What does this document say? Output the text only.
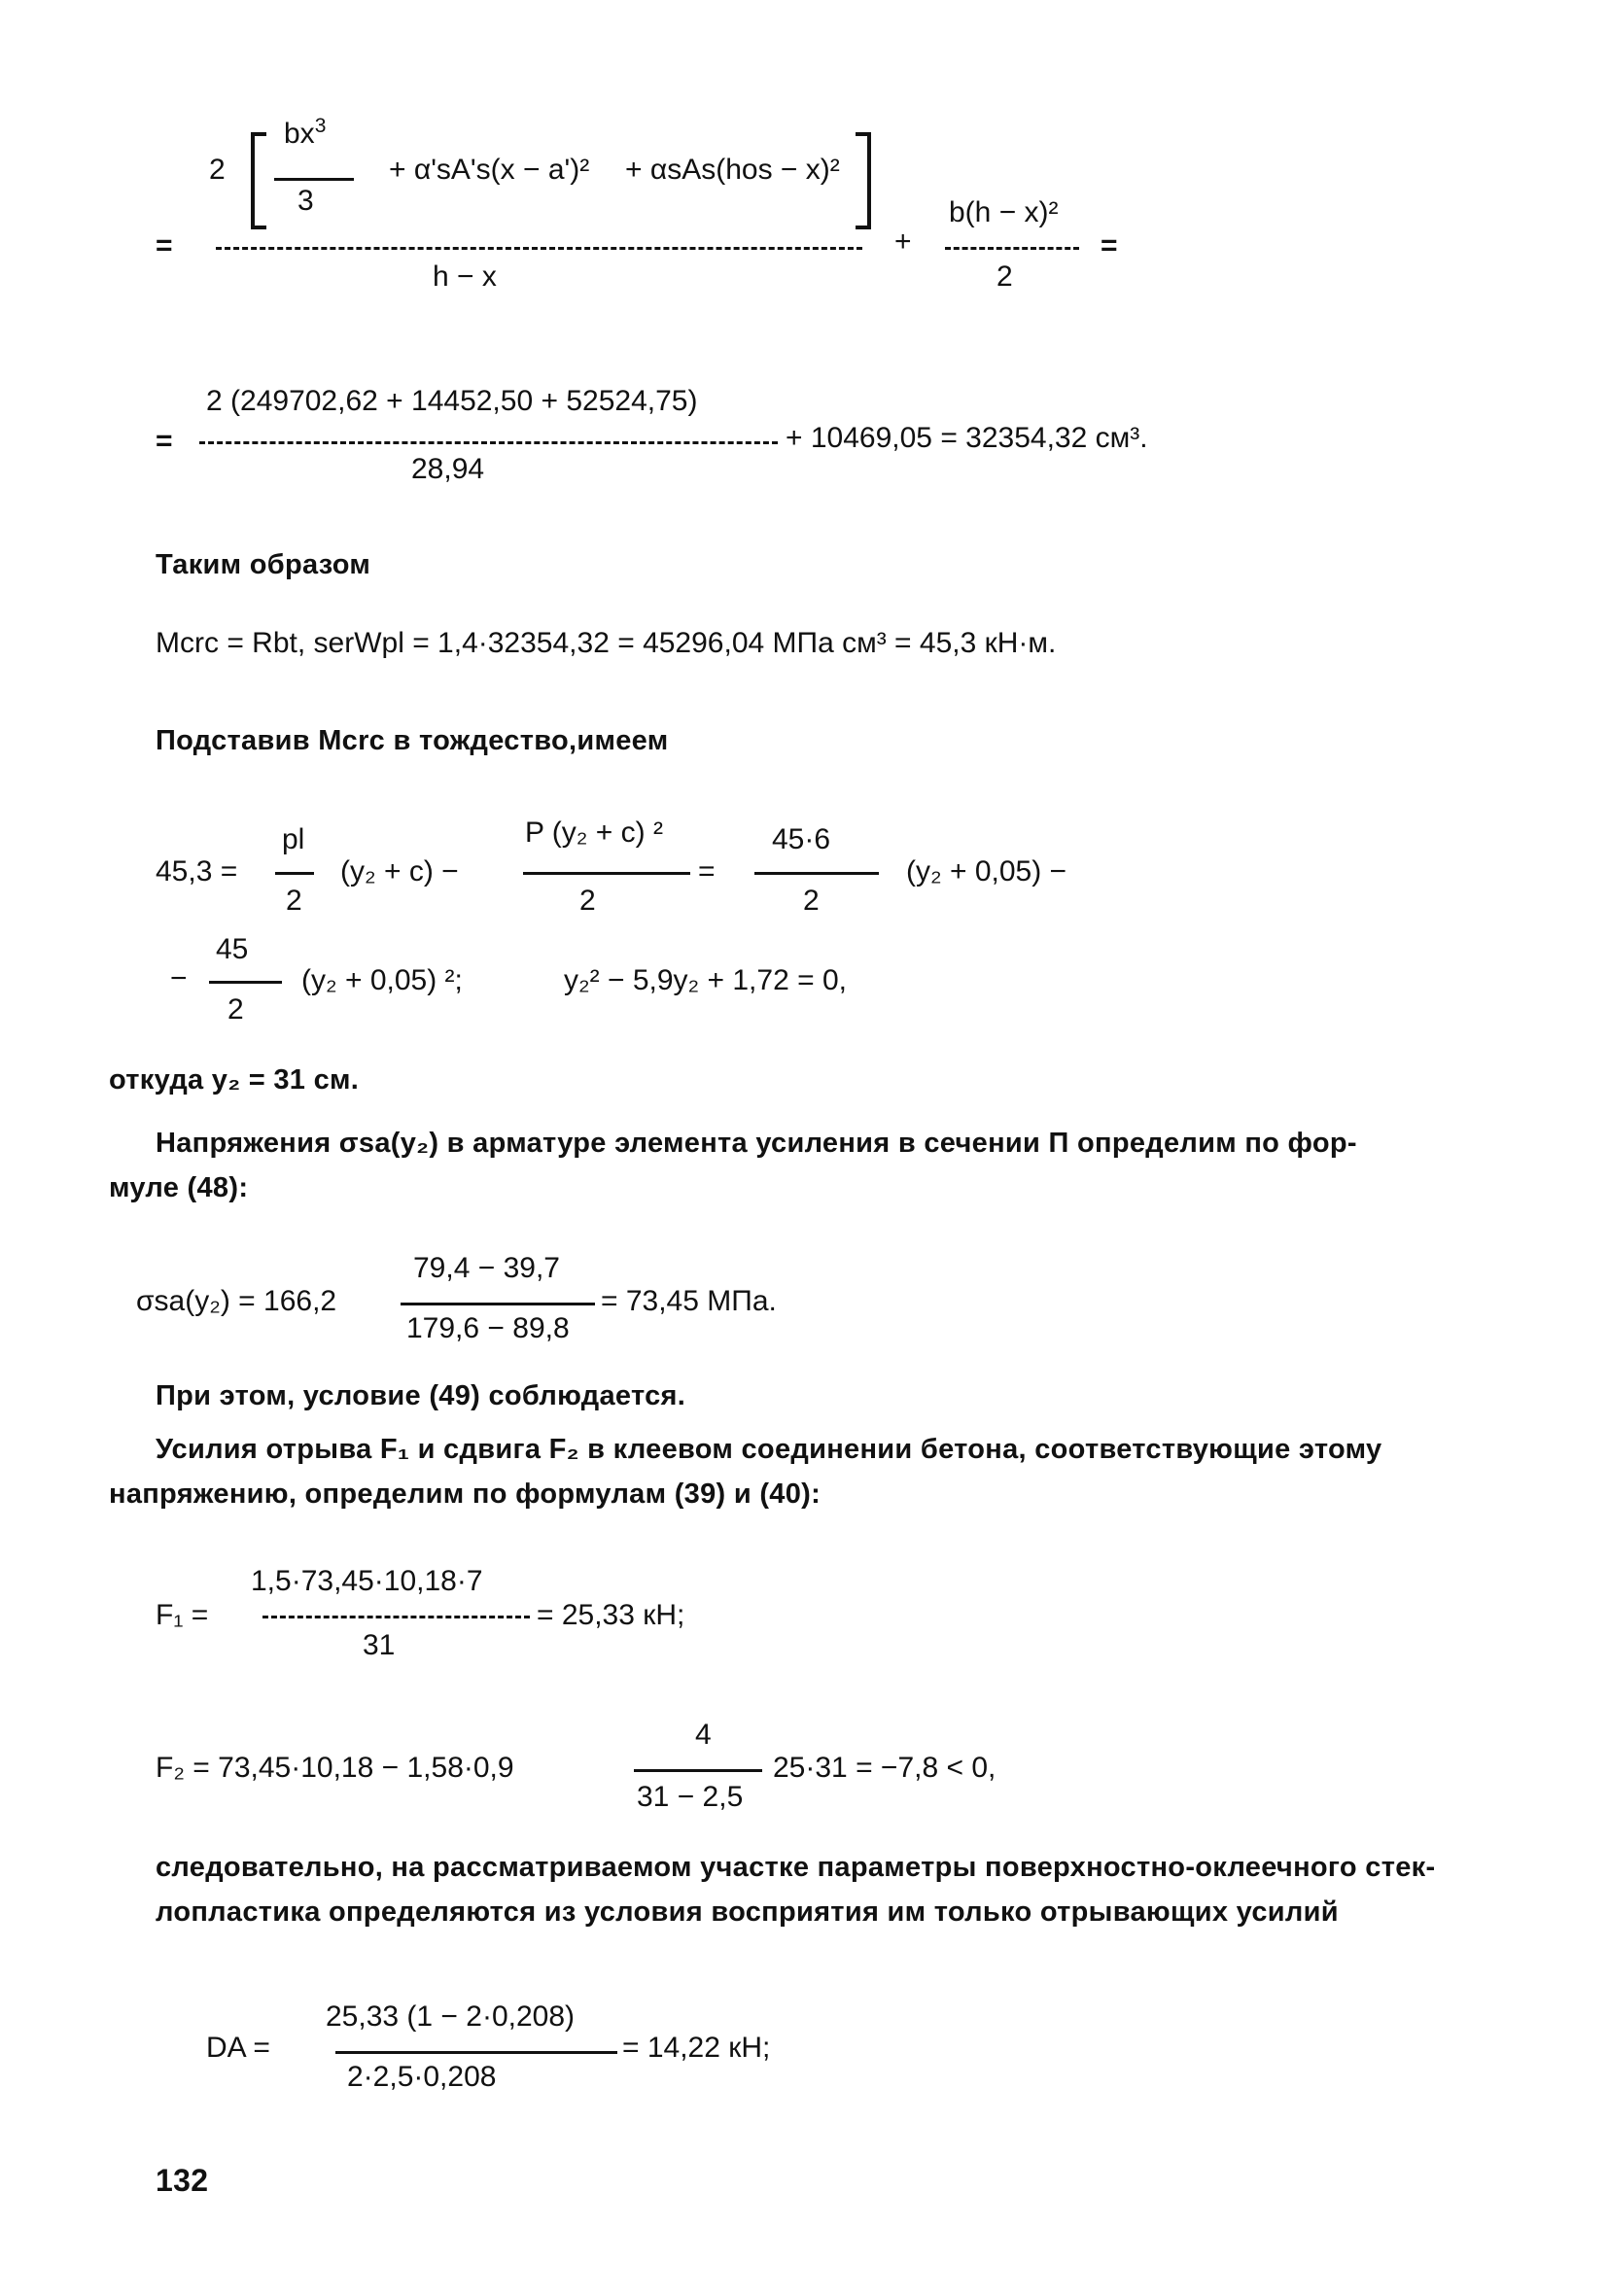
2
$bx^3$
3
+ αʹsAʹs(x − aʹ)² + αsAs(hos − x)²
=
h − x
+
b(h − x)²
2
=
=
2 (249702,62 + 14452,50 + 52524,75)
28,94
+ 10469,05 = 32354,32 см³.
Таким образом
Mcrc = Rbt, serWpl = 1,4·32354,32 = 45296,04 МПа см³ = 45,3 кН·м.
Подставив Mcrc в тождество,имеем
45,3 =
pl
2
(y₂ + c) −
P (y₂ + c) ²
2
=
45·6
2
(y₂ + 0,05) −
−
45
2
(y₂ + 0,05) ²;	y₂² − 5,9y₂ + 1,72 = 0,
откуда y₂ = 31 см.
Напряжения σsa(y₂) в арматуре элемента усиления в сечении П определим по фор-
муле (48):
σsa(y₂) = 166,2
79,4 − 39,7
179,6 − 89,8
= 73,45 МПа.
При этом, условие (49) соблюдается.
Усилия отрыва F₁ и сдвига F₂ в клеевом соединении бетона, соответствующие этому
напряжению, определим по формулам (39) и (40):
F₁ =
1,5·73,45·10,18·7
31
= 25,33 кН;
F₂ = 73,45·10,18 − 1,58·0,9
4
31 − 2,5
25·31 = −7,8 < 0,
следовательно, на рассматриваемом участке параметры поверхностно-оклеечного стек-
лопластика определяются из условия восприятия им только отрывающих усилий
DA =
25,33 (1 − 2·0,208)
2·2,5·0,208
= 14,22 кН;
132
